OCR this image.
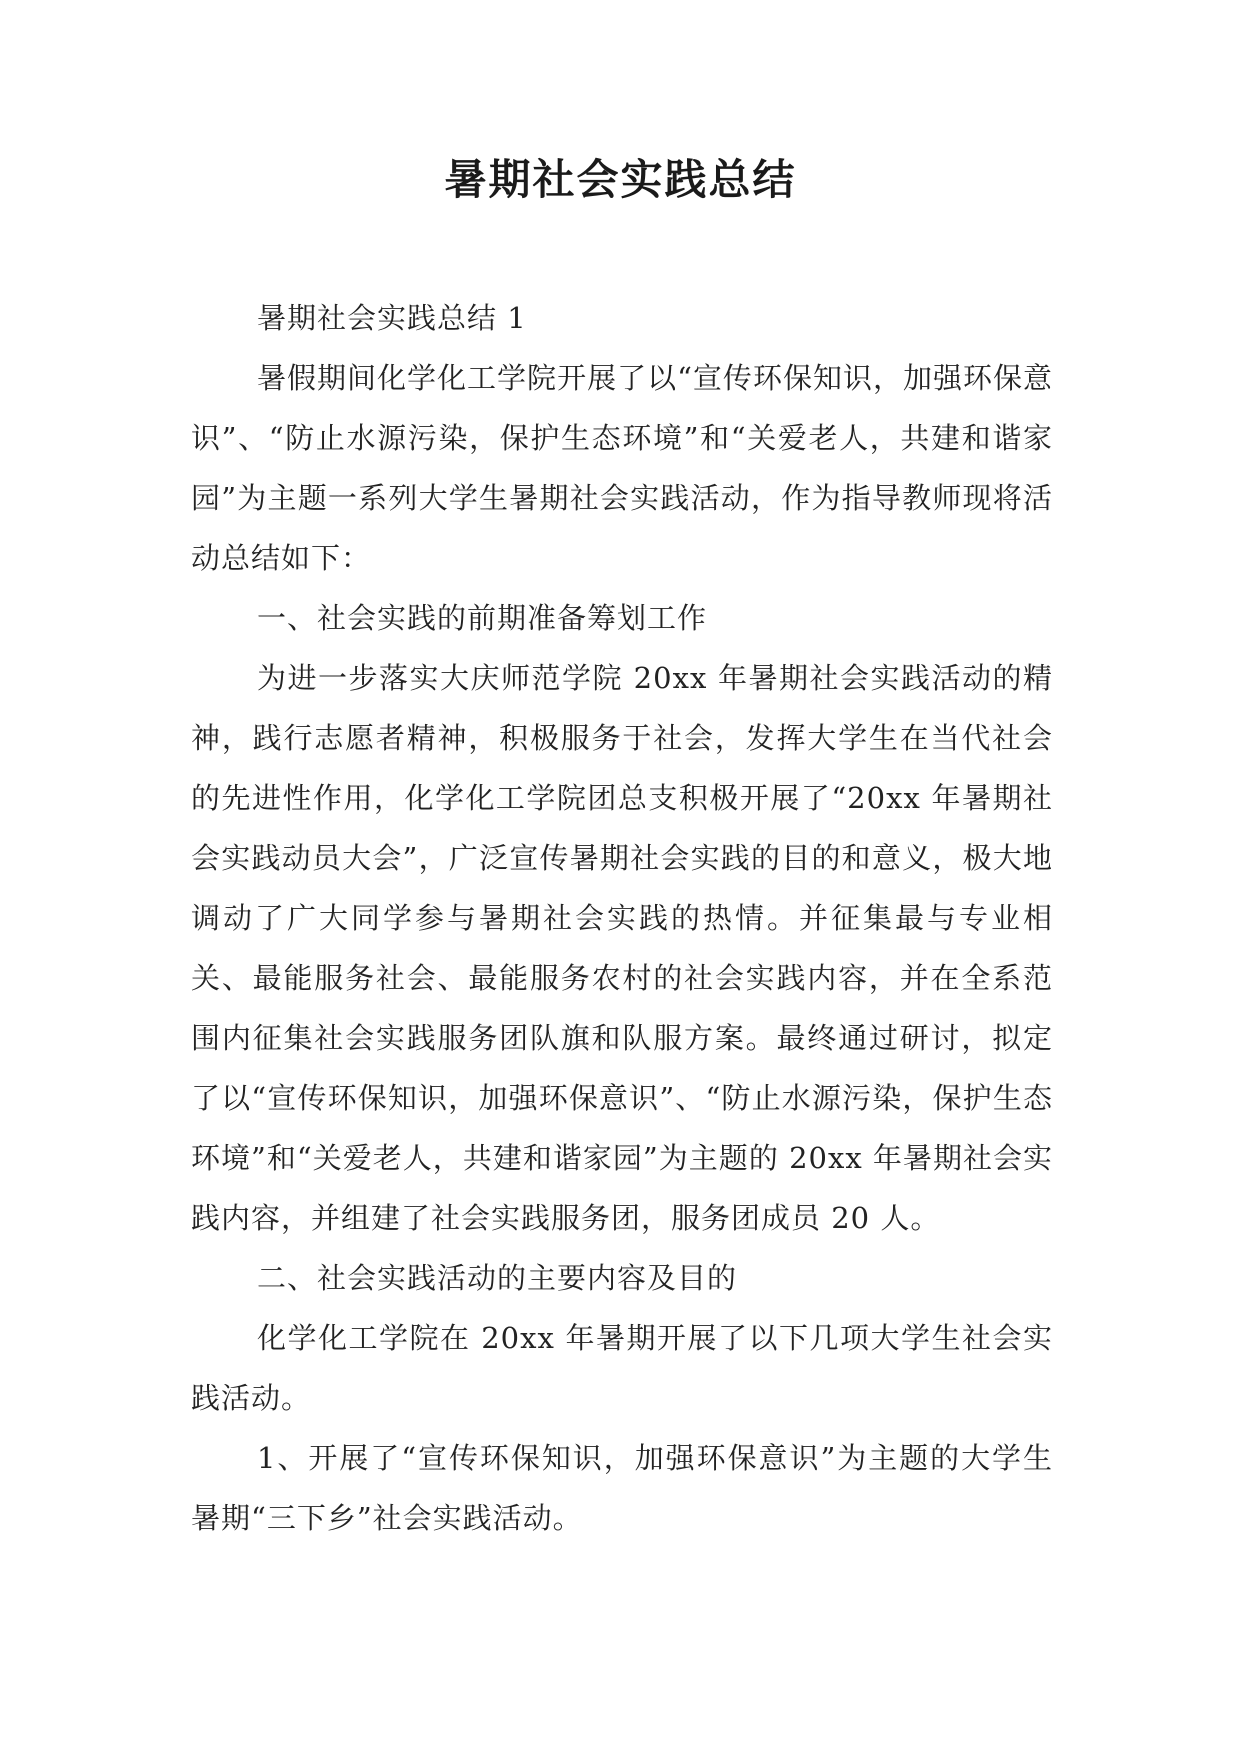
暑期社会实践总结

暑期社会实践总结 1

暑假期间化学化工学院开展了以“宣传环保知识，加强环保意识”、“防止水源污染，保护生态环境”和“关爱老人，共建和谐家园”为主题一系列大学生暑期社会实践活动，作为指导教师现将活动总结如下：

一、社会实践的前期准备筹划工作

为进一步落实大庆师范学院 20xx 年暑期社会实践活动的精神，践行志愿者精神，积极服务于社会，发挥大学生在当代社会的先进性作用，化学化工学院团总支积极开展了“20xx 年暑期社会实践动员大会”，广泛宣传暑期社会实践的目的和意义，极大地调动了广大同学参与暑期社会实践的热情。并征集最与专业相关、最能服务社会、最能服务农村的社会实践内容，并在全系范围内征集社会实践服务团队旗和队服方案。最终通过研讨，拟定了以“宣传环保知识，加强环保意识”、“防止水源污染，保护生态环境”和“关爱老人，共建和谐家园”为主题的 20xx 年暑期社会实践内容，并组建了社会实践服务团，服务团成员 20 人。

二、社会实践活动的主要内容及目的

化学化工学院在 20xx 年暑期开展了以下几项大学生社会实践活动。

1、开展了“宣传环保知识，加强环保意识”为主题的大学生暑期“三下乡”社会实践活动。
